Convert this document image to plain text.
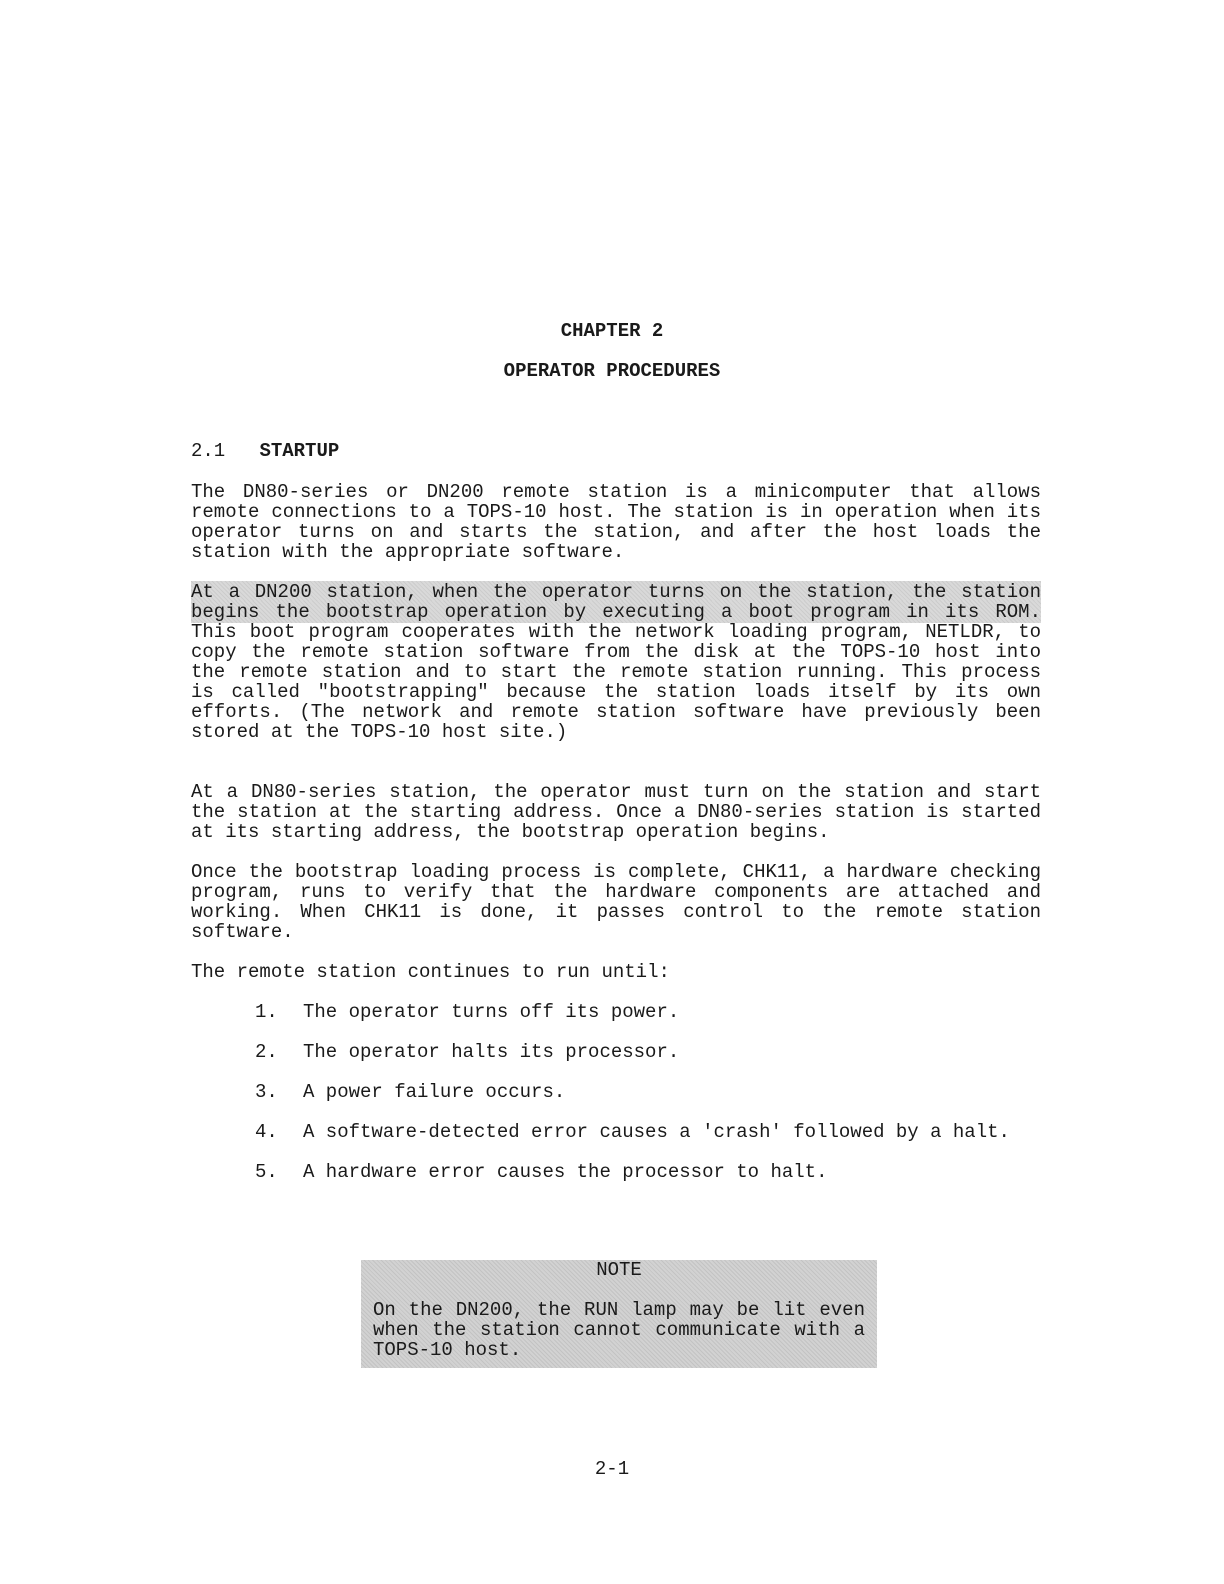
CHAPTER 2
OPERATOR PROCEDURES
2.1 STARTUP

The DN80-series or DN200 remote station is a minicomputer that allows remote connections to a TOPS-10 host. The station is in operation when its operator turns on and starts the station, and after the host loads the station with the appropriate software.

At a DN200 station, when the operator turns on the station, the station begins the bootstrap operation by executing a boot program in its ROM. This boot program cooperates with the network loading program, NETLDR, to copy the remote station software from the disk at the TOPS-10 host into the remote station and to start the remote station running. This process is called "bootstrapping" because the station loads itself by its own efforts. (The network and remote station software have previously been stored at the TOPS-10 host site.)

At a DN80-series station, the operator must turn on the station and start the station at the starting address. Once a DN80-series station is started at its starting address, the bootstrap operation begins.

Once the bootstrap loading process is complete, CHK11, a hardware checking program, runs to verify that the hardware components are attached and working. When CHK11 is done, it passes control to the remote station software.

The remote station continues to run until:

1. The operator turns off its power.
2. The operator halts its processor.
3. A power failure occurs.
4. A software-detected error causes a 'crash' followed by a halt.
5. A hardware error causes the processor to halt.
NOTE

On the DN200, the RUN lamp may be lit even when the station cannot communicate with a TOPS-10 host.

2-1
